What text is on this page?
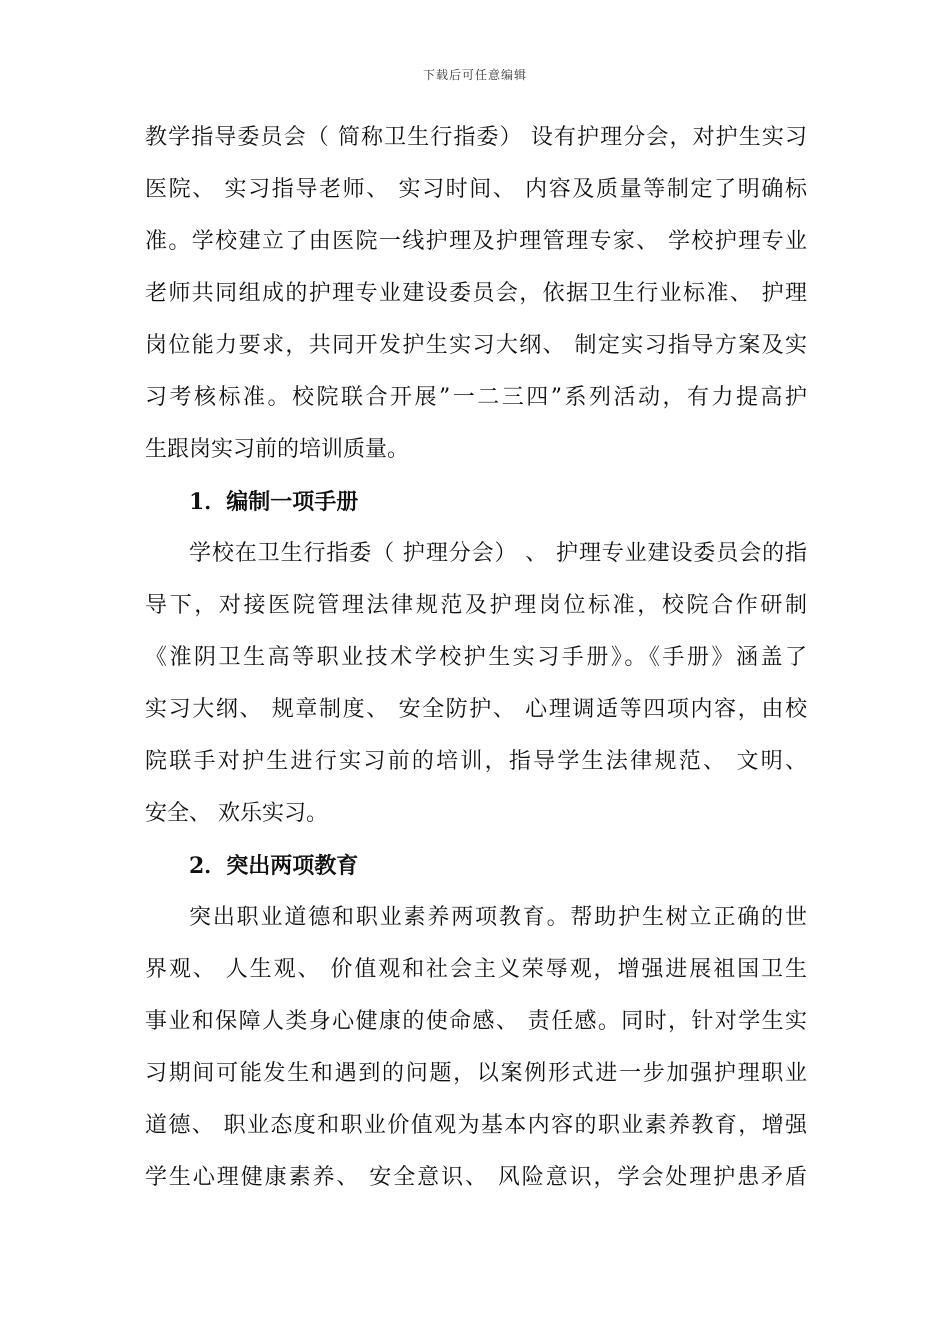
下载后可任意编辑
教学指导委员会（ 简称卫生行指委） 设有护理分会，对护生实习
医院、 实习指导老师、 实习时间、 内容及质量等制定了明确标
准。学校建立了由医院一线护理及护理管理专家、 学校护理专业
老师共同组成的护理专业建设委员会，依据卫生行业标准、 护理
岗位能力要求，共同开发护生实习大纲、 制定实习指导方案及实
习考核标准。校院联合开展”一二三四”系列活动，有力提高护
生跟岗实习前的培训质量。
1．编制一项手册
学校在卫生行指委（ 护理分会） 、 护理专业建设委员会的指
导下，对接医院管理法律规范及护理岗位标准，校院合作研制
《淮阴卫生高等职业技术学校护生实习手册》。《手册》涵盖了
实习大纲、 规章制度、 安全防护、 心理调适等四项内容，由校
院联手对护生进行实习前的培训，指导学生法律规范、 文明、
安全、 欢乐实习。
2．突出两项教育
突出职业道德和职业素养两项教育。帮助护生树立正确的世
界观、 人生观、 价值观和社会主义荣辱观，增强进展祖国卫生
事业和保障人类身心健康的使命感、 责任感。同时，针对学生实
习期间可能发生和遇到的问题，以案例形式进一步加强护理职业
道德、 职业态度和职业价值观为基本内容的职业素养教育，增强
学生心理健康素养、 安全意识、 风险意识，学会处理护患矛盾
